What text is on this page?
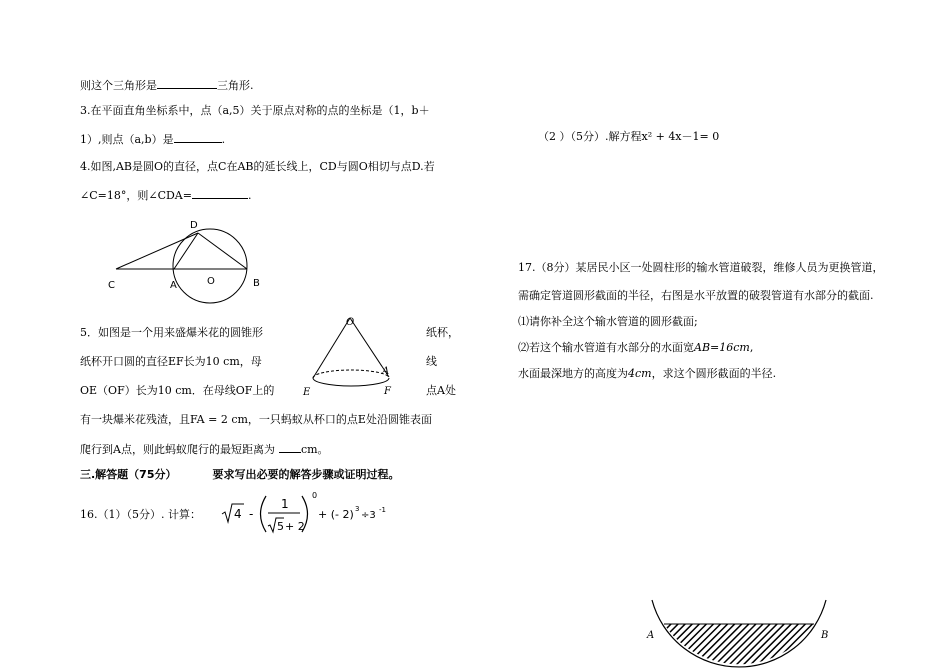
则这个三角形是	三角形.
3.在平面直角坐标系中，点（a,5）关于原点对称的点的坐标是（1，b＋
1）,则点（a,b）是	.
4.如图,AB是圆O的直径，点C在AB的延长线上，CD与圆O相切与点D.若
∠C=18°，则∠CDA=	.
D
C	A	O	B
5．如图是一个用来盛爆米花的圆锥形	纸杯，
纸杯开口圆的直径EF长为10 cm，母	线
OE（OF）长为10 cm．在母线OF上的	点A处
有一块爆米花残渣，且FA = 2 cm，一只蚂蚁从杯口的点E处沿圆锥表面
爬行到A点，则此蚂蚁爬行的最短距离为 cm。
O
A
E	F
三.解答题（75分）	要求写出必要的解答步骤或证明过程。
16.（1）（5分）. 计算：	4 -
1
5 + 2
0
+ (- 2) 3
÷3 -1
（2 ）（5分）.解方程x² + 4x－1= 0
17.（8分）某居民小区一处圆柱形的输水管道破裂，维修人员为更换管道，
需确定管道圆形截面的半径，右图是水平放置的破裂管道有水部分的截面.
⑴请你补全这个输水管道的圆形截面;
⑵若这个输水管道有水部分的水面宽AB=16cm,
水面最深地方的高度为4cm，求这个圆形截面的半径.
A	B
